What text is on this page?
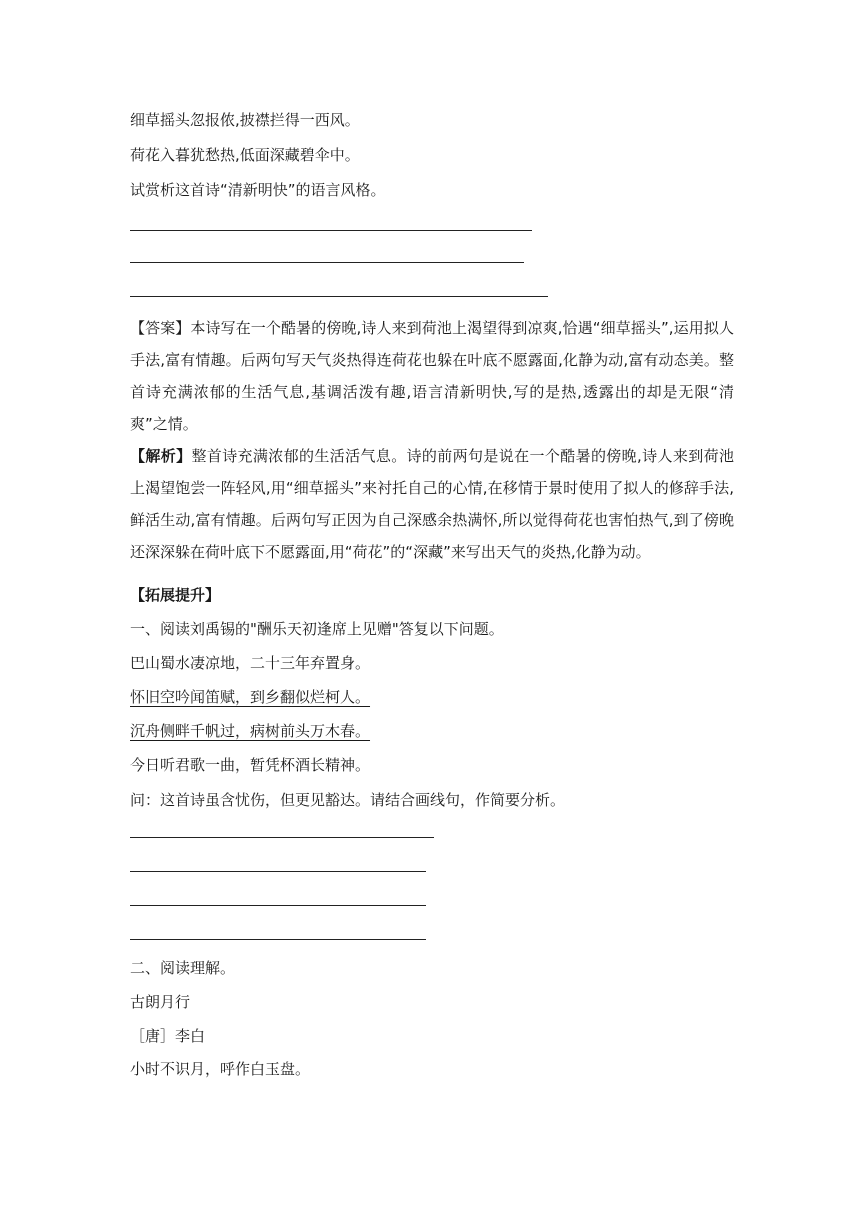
细草摇头忽报侬,披襟拦得一西风。
荷花入暮犹愁热,低面深藏碧伞中。
试赏析这首诗“清新明快”的语言风格。
【答案】本诗写在一个酷暑的傍晚,诗人来到荷池上渴望得到凉爽,恰遇“细草摇头”,运用拟人手法,富有情趣。后两句写天气炎热得连荷花也躲在叶底不愿露面,化静为动,富有动态美。整首诗充满浓郁的生活气息,基调活泼有趣,语言清新明快,写的是热,透露出的却是无限“清爽”之情。
【解析】整首诗充满浓郁的生活活气息。诗的前两句是说在一个酷暑的傍晚,诗人来到荷池上渴望饱尝一阵轻风,用“细草摇头”来衬托自己的心情,在移情于景时使用了拟人的修辞手法,鲜活生动,富有情趣。后两句写正因为自己深感余热满怀,所以觉得荷花也害怕热气,到了傍晚还深深躲在荷叶底下不愿露面,用“荷花”的“深藏”来写出天气的炎热,化静为动。
【拓展提升】
一、阅读刘禹锡的"酬乐天初逢席上见赠"答复以下问题。
巴山蜀水凄凉地，二十三年弃置身。
怀旧空吟闻笛赋，到乡翻似烂柯人。
沉舟侧畔千帆过，病树前头万木春。
今日听君歌一曲，暂凭杯酒长精神。
问：这首诗虽含忧伤，但更见豁达。请结合画线句，作简要分析。
二、阅读理解。
古朗月行
［唐］李白
小时不识月，呼作白玉盘。
